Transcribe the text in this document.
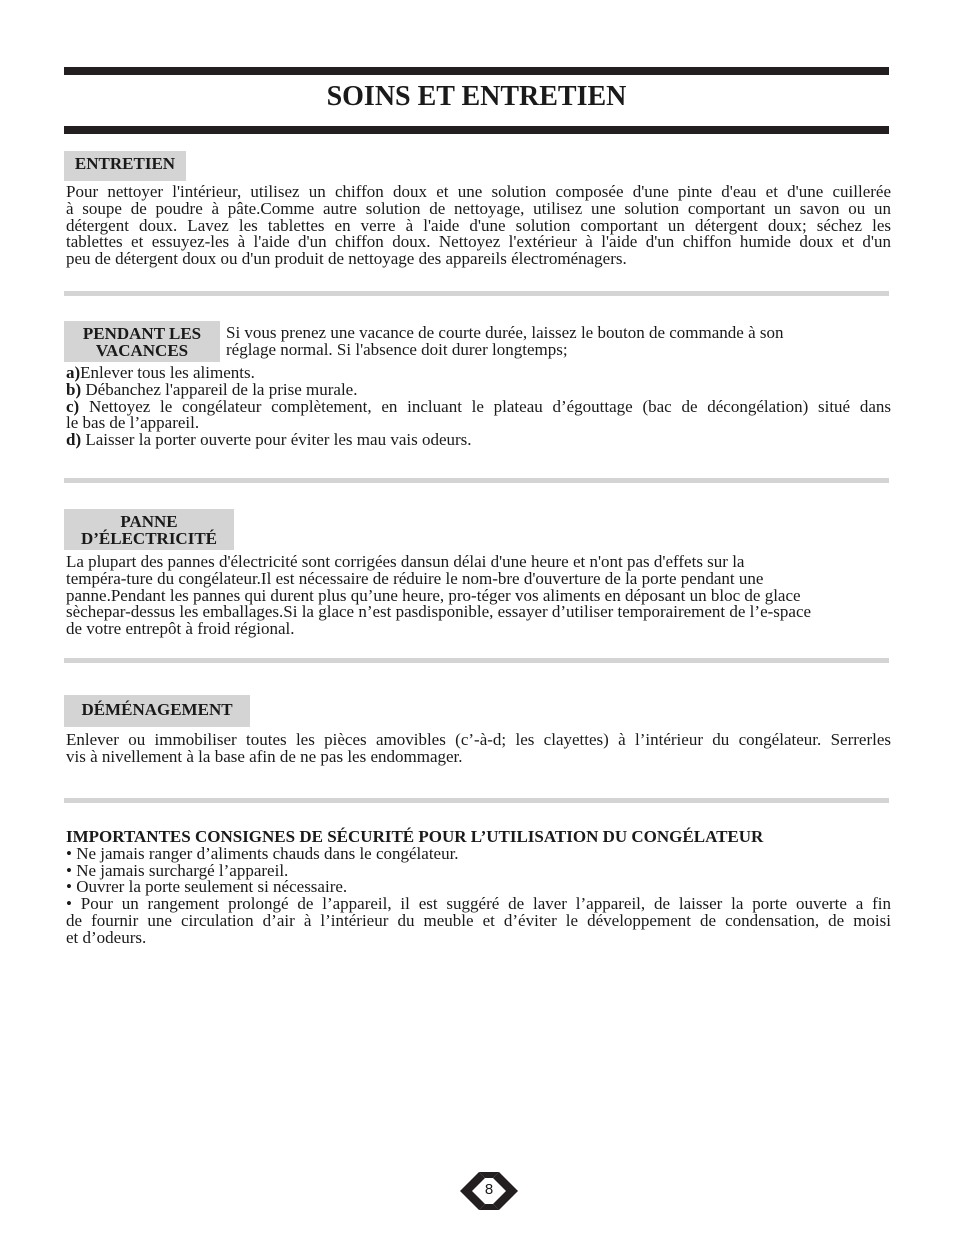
SOINS ET ENTRETIEN
ENTRETIEN
Pour nettoyer l'intérieur, utilisez un chiffon doux et une solution composée d'une pinte d'eau et d'une cuillerée
à soupe de poudre à pâte.Comme autre solution de nettoyage, utilisez une solution comportant un savon ou un
détergent doux. Lavez les tablettes en verre à l'aide d'une solution comportant un détergent doux; séchez les
tablettes et essuyez-les à l'aide d'un chiffon doux. Nettoyez l'extérieur à l'aide d'un chiffon humide doux et d'un
peu de détergent doux ou d'un produit de nettoyage des appareils électroménagers.
PENDANT LES
VACANCES
Si vous prenez une vacance de courte durée, laissez le bouton de commande à son
réglage normal. Si l'absence doit durer longtemps;
a)Enlever tous les aliments.
b) Débanchez l'appareil de la prise murale.
c) Nettoyez le congélateur complètement, en incluant le plateau d’égouttage (bac de décongélation) situé dans
le bas de l’appareil.
d) Laisser la porter ouverte pour éviter les mau vais odeurs.
PANNE
D’ÉLECTRICITÉ
La plupart des pannes d'électricité sont corrigées dansun délai d'une heure et n'ont pas d'effets sur la
tempéra-ture du congélateur.Il est nécessaire de réduire le nom-bre d'ouverture de la porte pendant une
panne.Pendant les pannes qui durent plus qu’une heure, pro-téger vos aliments en déposant un bloc de glace
sèchepar-dessus les emballages.Si la glace n’est pasdisponible, essayer d’utiliser temporairement de l’e-space
de votre entrepôt à froid régional.
DÉMÉNAGEMENT
Enlever ou immobiliser toutes les pièces amovibles (c’-à-d; les clayettes) à l’intérieur du congélateur. Serrerles
vis à nivellement à la base afin de ne pas les endommager.
IMPORTANTES CONSIGNES DE SÉCURITÉ POUR L’UTILISATION DU CONGÉLATEUR
• Ne jamais ranger d’aliments chauds dans le congélateur.
• Ne jamais surchargé l’appareil.
• Ouvrer la porte seulement si nécessaire.
• Pour un rangement prolongé de l’appareil, il est suggéré de laver l’appareil, de laisser la porte ouverte a fin
de fournir une circulation d’air à l’intérieur du meuble et d’éviter le développement de condensation, de moisi
et d’odeurs.
8
